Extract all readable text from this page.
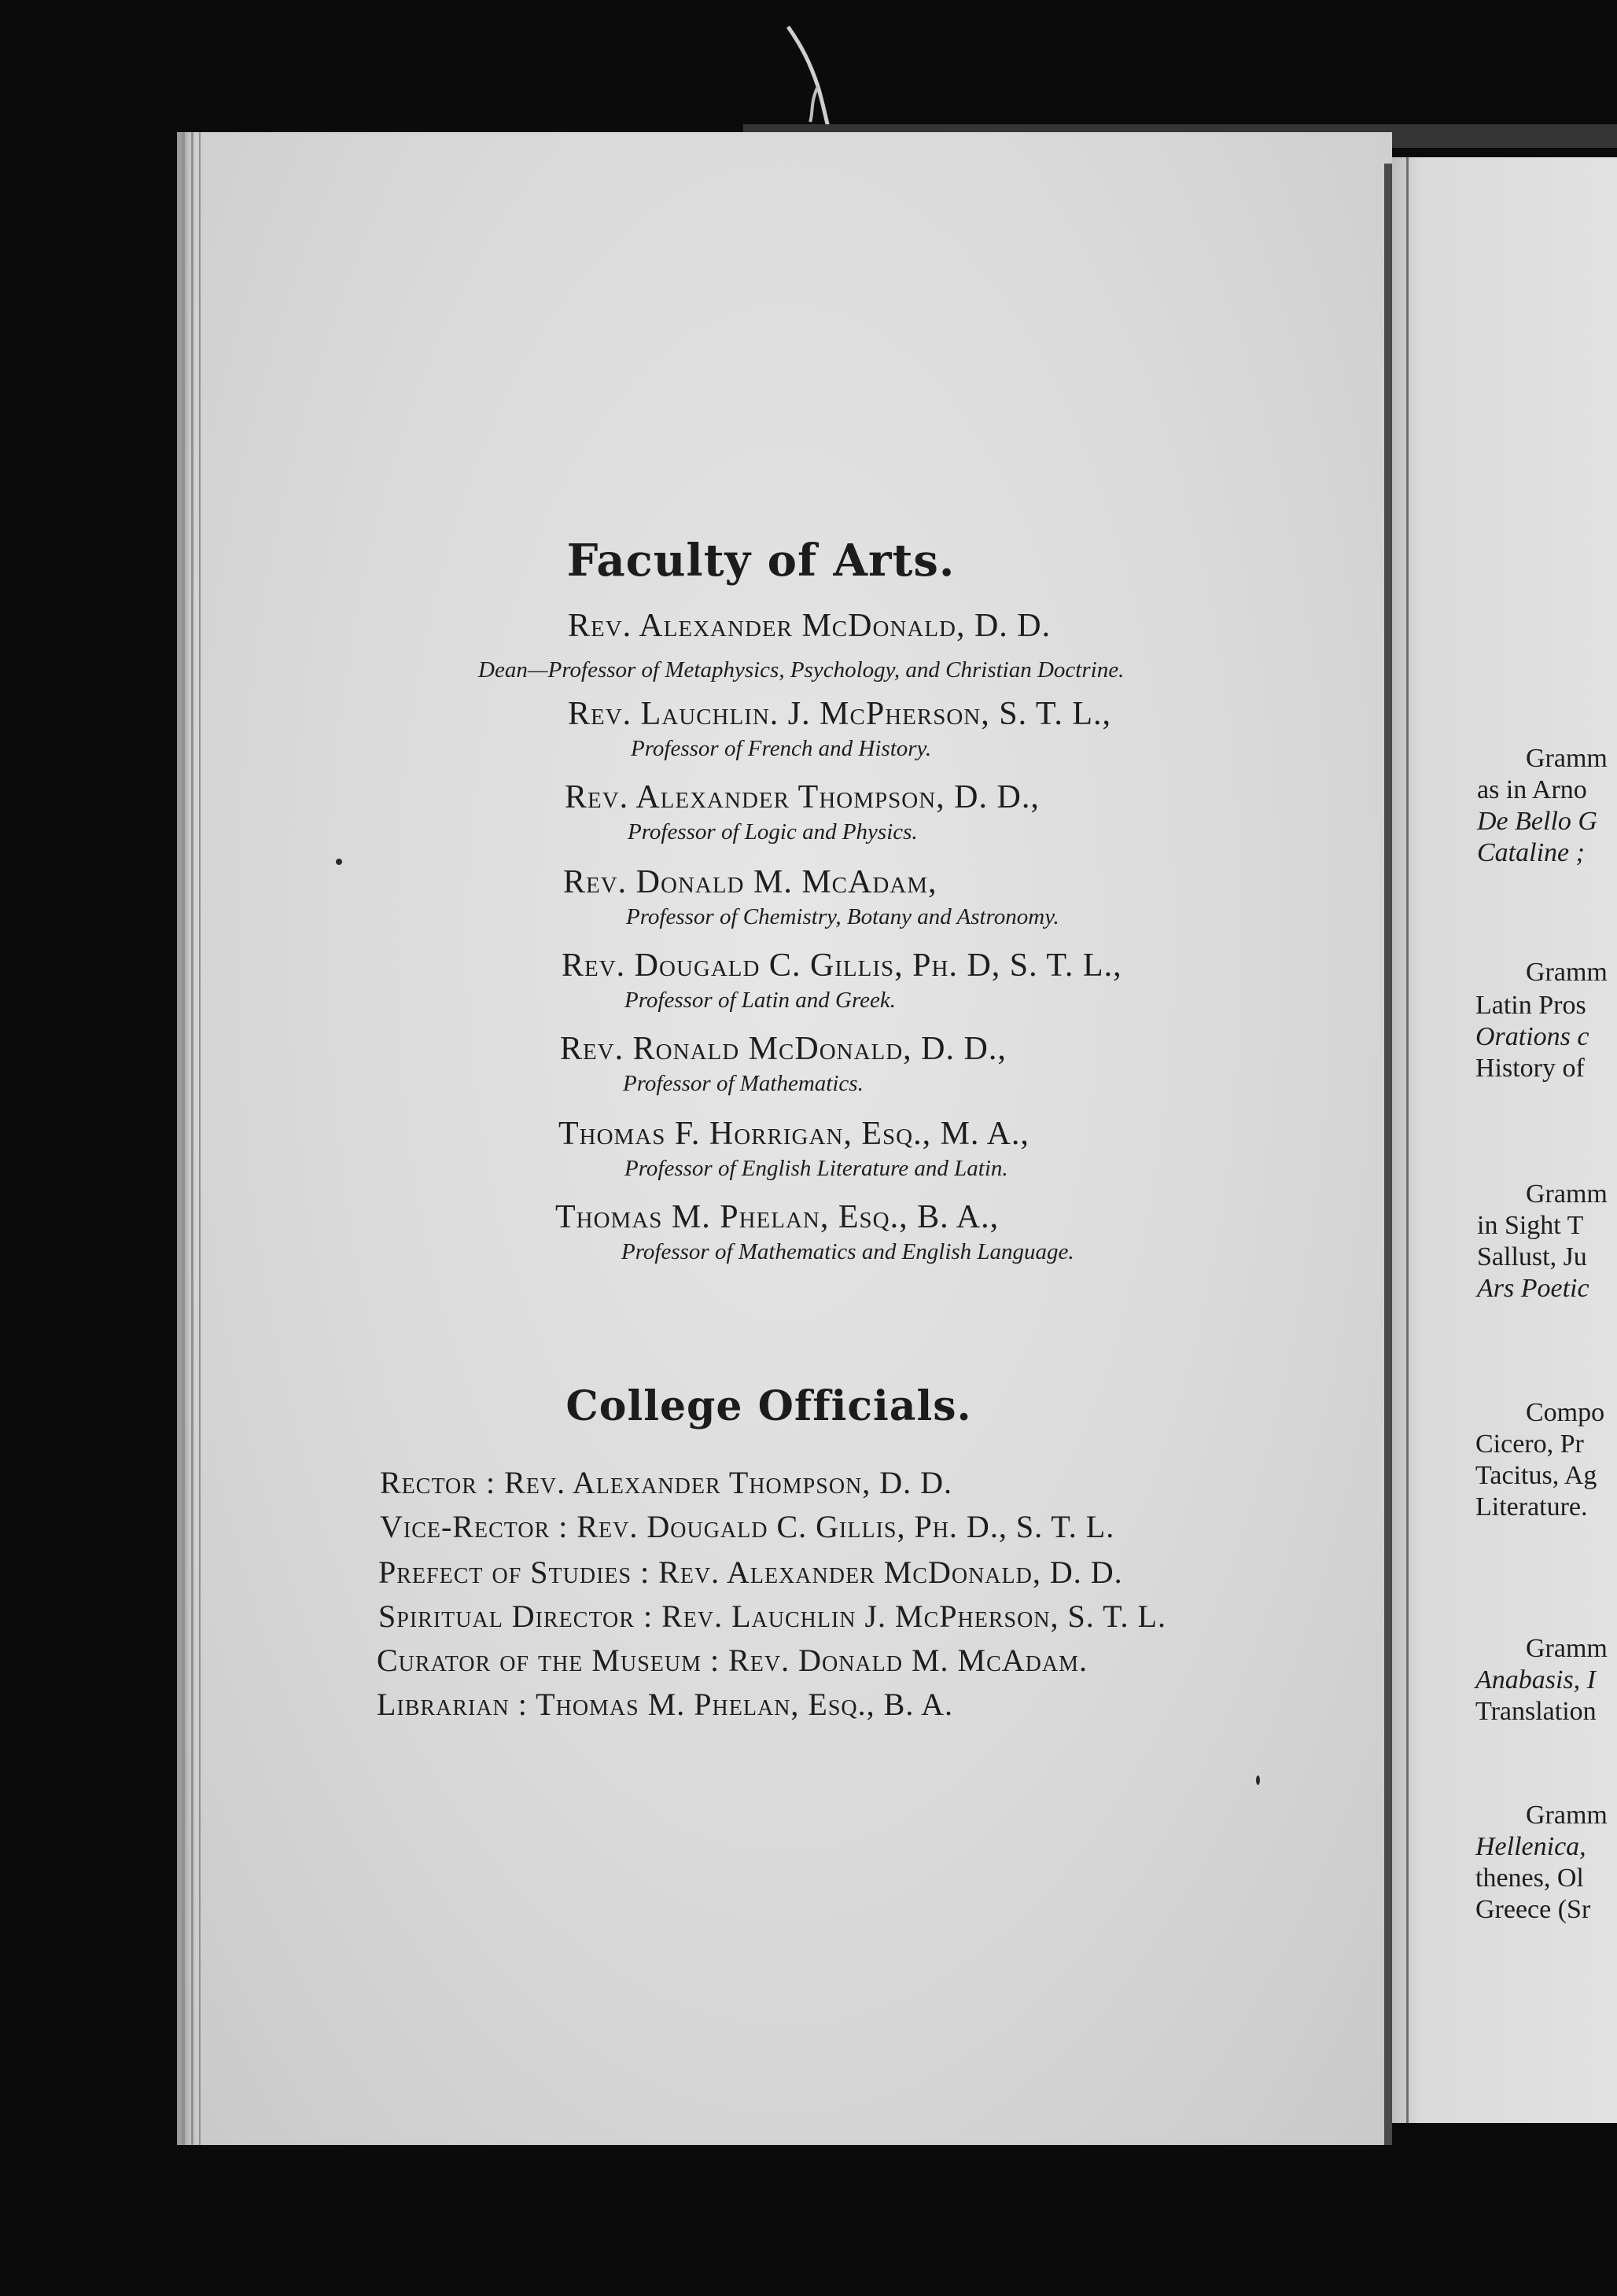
Faculty of Arts.
Rev. Alexander McDonald, D. D.
Dean—Professor of Metaphysics, Psychology, and Christian Doctrine.
Rev. Lauchlin. J. McPherson, S. T. L.,
Professor of French and History.
Rev. Alexander Thompson, D. D.,
Professor of Logic and Physics.
Rev. Donald M. McAdam,
Professor of Chemistry, Botany and Astronomy.
Rev. Dougald C. Gillis, Ph. D, S. T. L.,
Professor of Latin and Greek.
Rev. Ronald McDonald, D. D.,
Professor of Mathematics.
Thomas F. Horrigan, Esq., M. A.,
Professor of English Literature and Latin.
Thomas M. Phelan, Esq., B. A.,
Professor of Mathematics and English Language.
College Officials.
Rector : Rev. Alexander Thompson, D. D.
Vice-Rector : Rev. Dougald C. Gillis, Ph. D., S. T. L.
Prefect of Studies : Rev. Alexander McDonald, D. D.
Spiritual Director : Rev. Lauchlin J. McPherson, S. T. L.
Curator of the Museum : Rev. Donald M. McAdam.
Librarian : Thomas M. Phelan, Esq., B. A.
Gramm
as in Arno
De Bello G
Cataline ;
Gramm
Latin Pros
Orations c
History of
Gramm
in Sight T
Sallust, Ju
Ars Poetic
Compo
Cicero, Pr
Tacitus, Ag
Literature.
Gramm
Anabasis, I
Translation
Gramm
Hellenica,
thenes, Ol
Greece (Sr
